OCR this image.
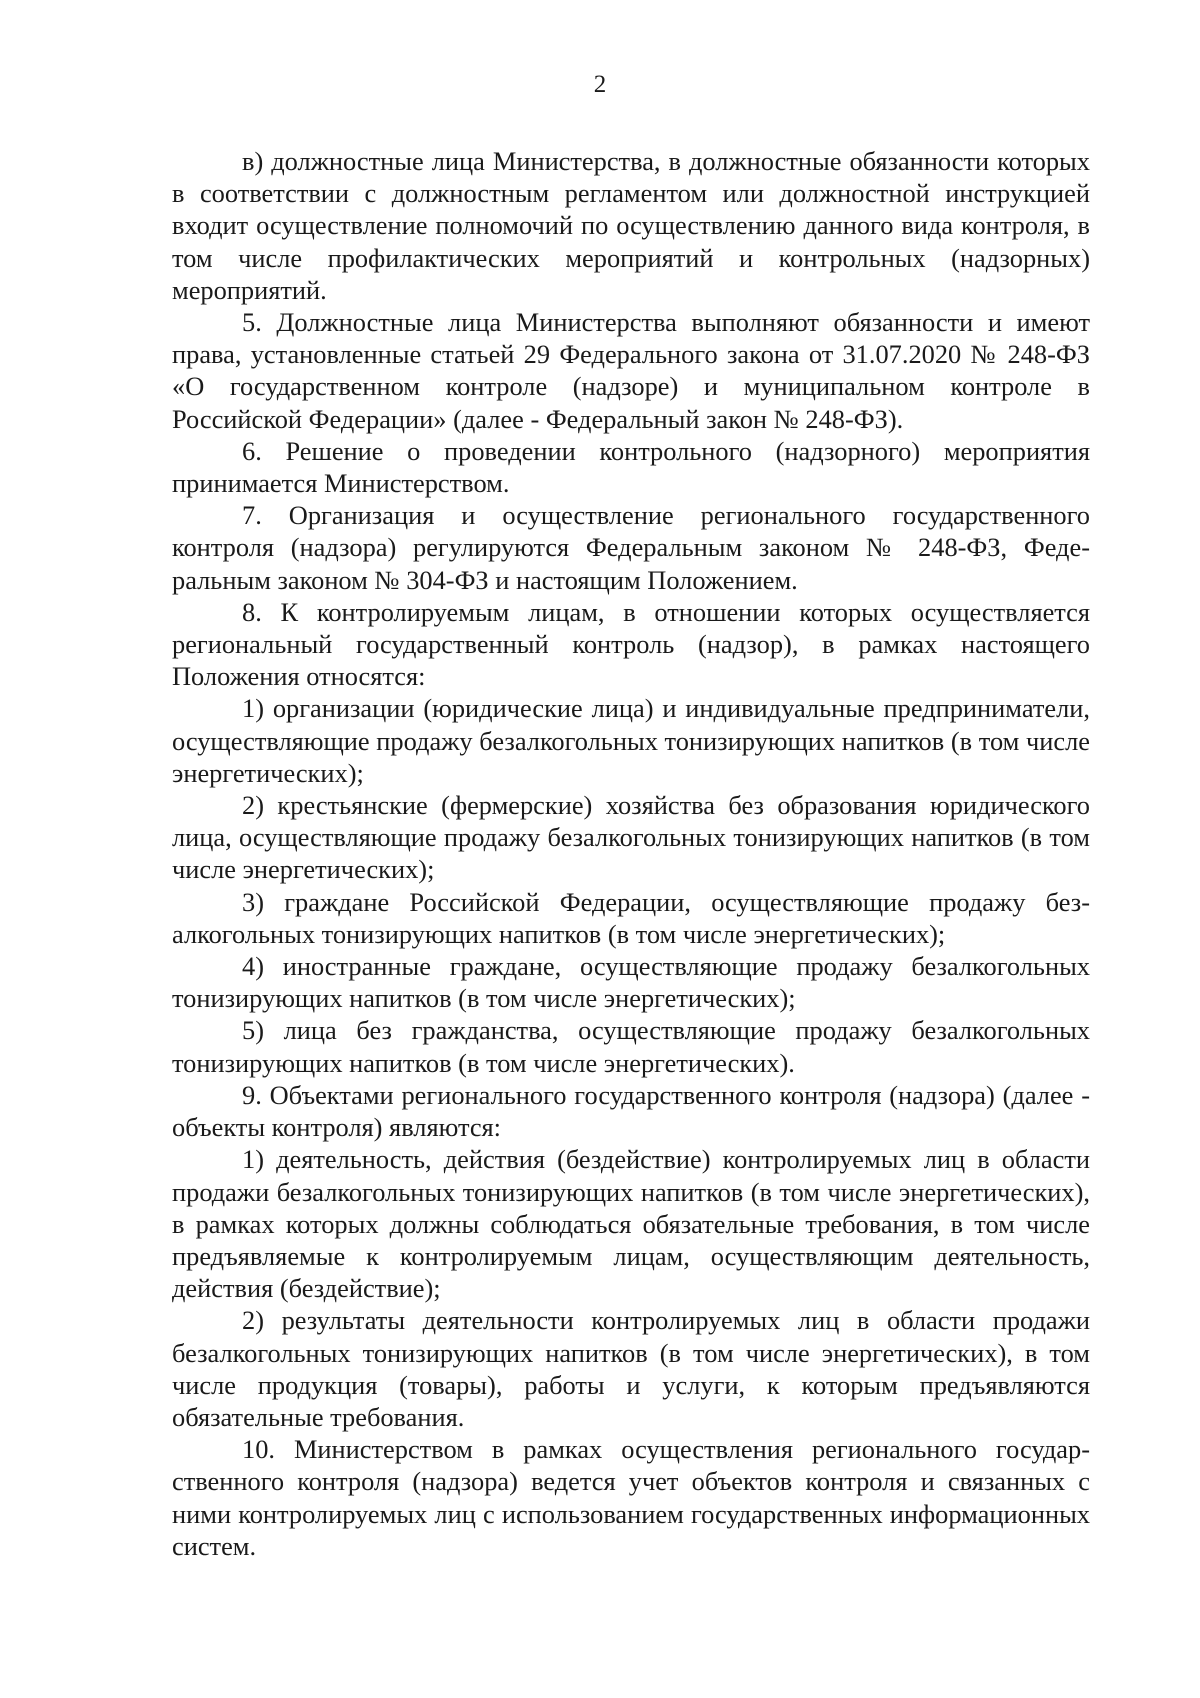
2

в) должностные лица Министерства, в должностные обязанности которых в соответствии с должностным регламентом или должностной инструкцией входит осуществление полномочий по осуществлению данного вида контроля, в том числе профилактических мероприятий и контрольных (надзорных) мероприятий.

5. Должностные лица Министерства выполняют обязанности и имеют права, установленные статьей 29 Федерального закона от 31.07.2020 № 248-ФЗ «О государственном контроле (надзоре) и муниципальном контроле в Российской Федерации» (далее - Федеральный закон № 248-ФЗ).

6. Решение о проведении контрольного (надзорного) мероприятия принимается Министерством.

7. Организация и осуществление регионального государственного контроля (надзора) регулируются Федеральным законом № 248-ФЗ, Федеральным законом № 304-ФЗ и настоящим Положением.

8. К контролируемым лицам, в отношении которых осуществляется региональный государственный контроль (надзор), в рамках настоящего Положения относятся:

1) организации (юридические лица) и индивидуальные предприниматели, осуществляющие продажу безалкогольных тонизирующих напитков (в том числе энергетических);

2) крестьянские (фермерские) хозяйства без образования юридического лица, осуществляющие продажу безалкогольных тонизирующих напитков (в том числе энергетических);

3) граждане Российской Федерации, осуществляющие продажу безалкогольных тонизирующих напитков (в том числе энергетических);

4) иностранные граждане, осуществляющие продажу безалкогольных тонизирующих напитков (в том числе энергетических);

5) лица без гражданства, осуществляющие продажу безалкогольных тонизирующих напитков (в том числе энергетических).

9. Объектами регионального государственного контроля (надзора) (далее - объекты контроля) являются:

1) деятельность, действия (бездействие) контролируемых лиц в области продажи безалкогольных тонизирующих напитков (в том числе энергетических), в рамках которых должны соблюдаться обязательные требования, в том числе предъявляемые к контролируемым лицам, осуществляющим деятельность, действия (бездействие);

2) результаты деятельности контролируемых лиц в области продажи безалкогольных тонизирующих напитков (в том числе энергетических), в том числе продукция (товары), работы и услуги, к которым предъявляются обязательные требования.

10. Министерством в рамках осуществления регионального государственного контроля (надзора) ведется учет объектов контроля и связанных с ними контролируемых лиц с использованием государственных информационных систем.
